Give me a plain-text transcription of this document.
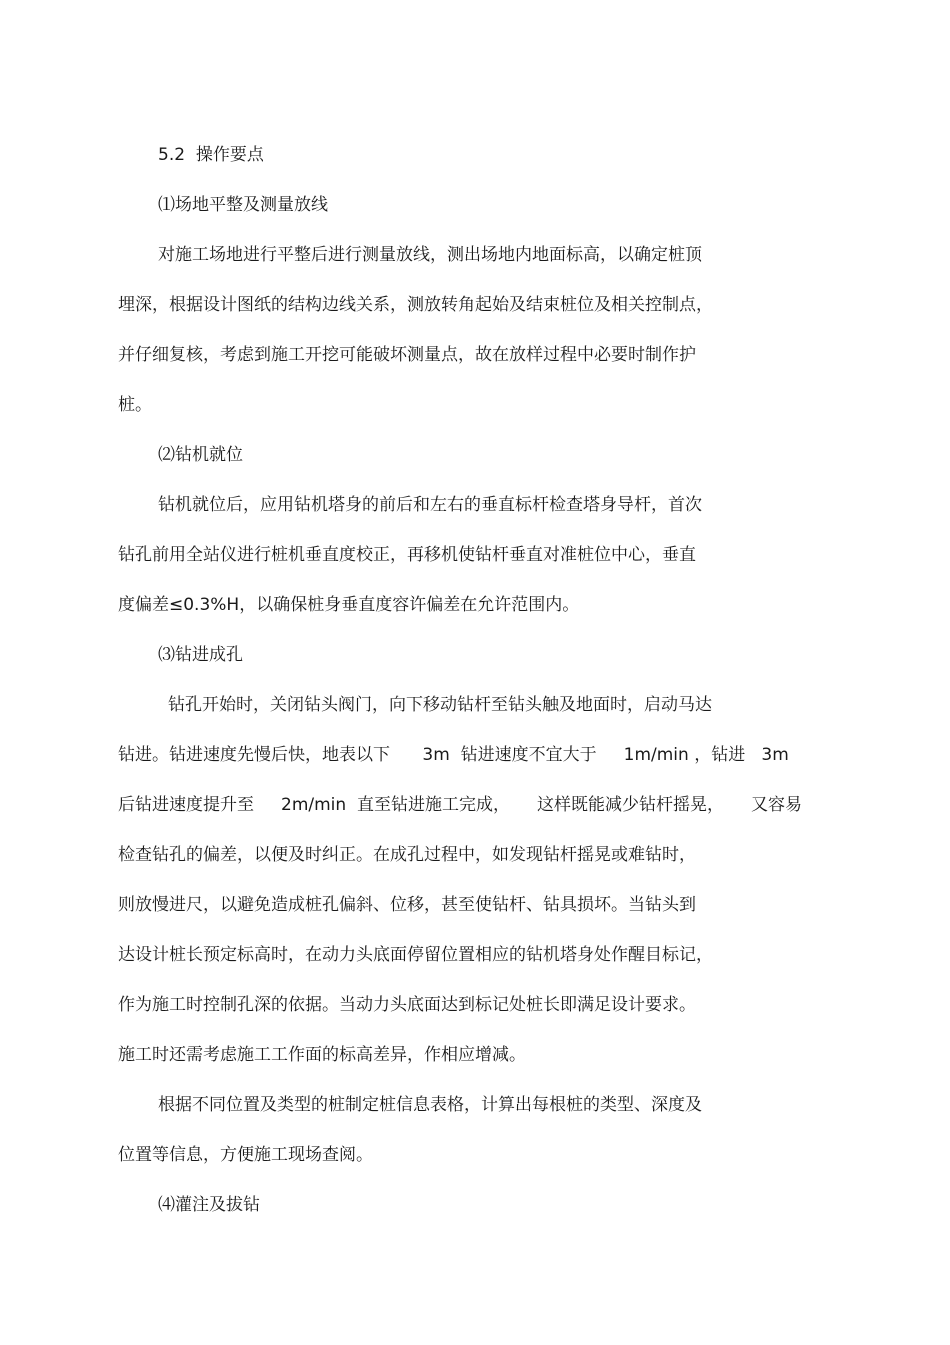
5.2  操作要点
⑴场地平整及测量放线
对施工场地进行平整后进行测量放线，测出场地内地面标高，以确定桩顶
埋深，根据设计图纸的结构边线关系，测放转角起始及结束桩位及相关控制点，
并仔细复核，考虑到施工开挖可能破坏测量点，故在放样过程中必要时制作护
桩。
⑵钻机就位
钻机就位后，应用钻机塔身的前后和左右的垂直标杆检查塔身导杆，首次
钻孔前用全站仪进行桩机垂直度校正，再移机使钻杆垂直对准桩位中心，垂直
度偏差≤0.3%H，以确保桩身垂直度容许偏差在允许范围内。
⑶钻进成孔
钻孔开始时，关闭钻头阀门，向下移动钻杆至钻头触及地面时，启动马达
钻进。钻进速度先慢后快，地表以下      3m  钻进速度不宜大于     1m/min ，钻进   3m
后钻进速度提升至     2m/min  直至钻进施工完成，     这样既能减少钻杆摇晃，     又容易
检查钻孔的偏差，以便及时纠正。在成孔过程中，如发现钻杆摇晃或难钻时，
则放慢进尺，以避免造成桩孔偏斜、位移，甚至使钻杆、钻具损坏。当钻头到
达设计桩长预定标高时，在动力头底面停留位置相应的钻机塔身处作醒目标记，
作为施工时控制孔深的依据。当动力头底面达到标记处桩长即满足设计要求。
施工时还需考虑施工工作面的标高差异，作相应增减。
根据不同位置及类型的桩制定桩信息表格，计算出每根桩的类型、深度及
位置等信息，方便施工现场查阅。
⑷灌注及拔钻
